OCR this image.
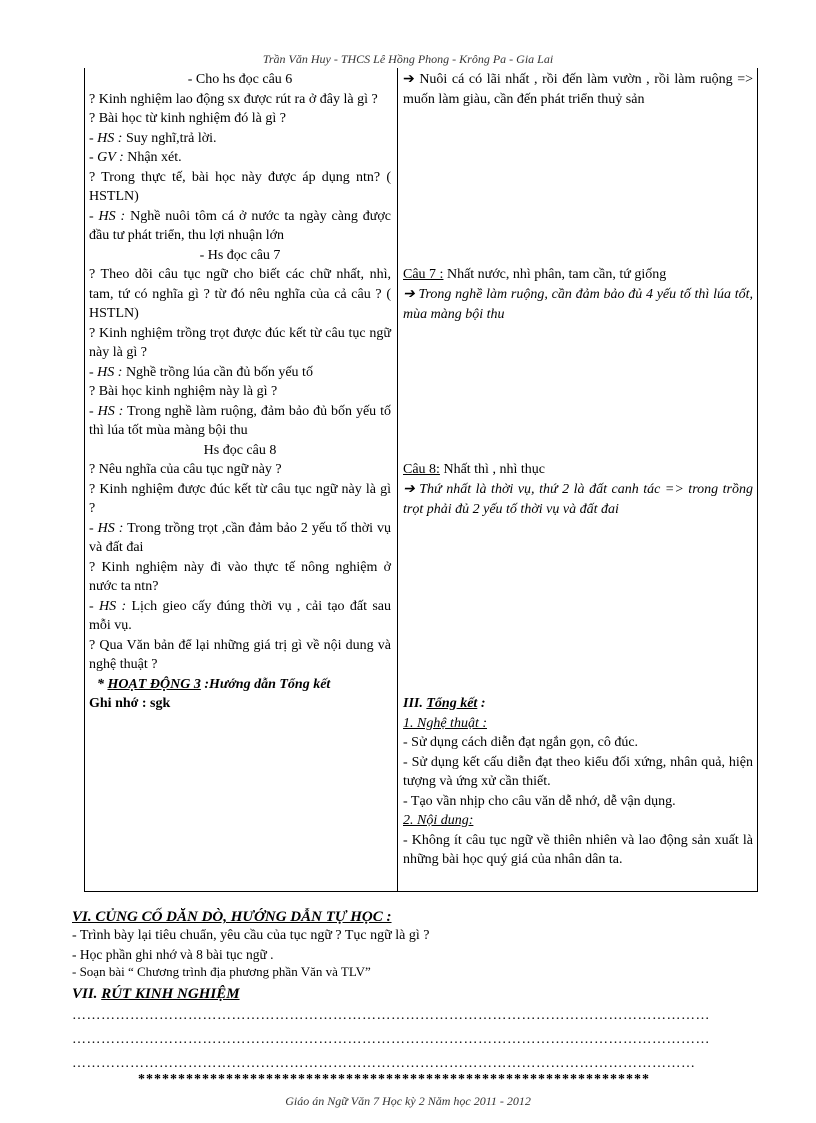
Trần Văn Huy - THCS Lê Hồng Phong - Krông Pa - Gia Lai

- Cho hs đọc câu 6

? Kinh nghiệm lao động sx được rút ra ở đây là gì ?

? Bài học từ kinh nghiệm đó là gì ?

- HS : Suy nghĩ,trả lời.

- GV : Nhận xét.

? Trong thực tế, bài học này được áp dụng ntn? ( HSTLN)

- HS : Nghề nuôi tôm cá ở nước ta ngày càng được đầu tư phát triển, thu lợi nhuận lớn

- Hs đọc câu 7

? Theo dõi câu tục ngữ cho biết các chữ nhất, nhì, tam, tứ có nghĩa gì ? từ đó nêu nghĩa của cả câu ? ( HSTLN)

? Kinh nghiệm trồng trọt được đúc kết từ câu tục ngữ này là gì ?

- HS : Nghề trồng lúa cần đủ bốn yếu tố

? Bài học kinh nghiệm này là gì ?

- HS : Trong nghề làm ruộng, đảm bảo đủ bốn yếu tố thì lúa tốt mùa màng bội thu

Hs đọc câu 8

? Nêu nghĩa của câu tục ngữ này ?

? Kinh nghiệm được đúc kết từ câu tục ngữ này là gì ?

- HS : Trong trồng trọt ,cần đảm bảo 2 yếu tố thời vụ và đất đai

? Kinh nghiệm này đi vào thực tế nông nghiệm ở nước ta ntn?

- HS : Lịch gieo cấy đúng thời vụ , cải tạo đất sau mỗi vụ.

? Qua Văn bản để lại những giá trị gì về nội dung và nghệ thuật ?

* HOẠT ĐỘNG 3 :Hướng dẫn Tổng kết

Ghi nhớ : sgk

➔ Nuôi cá có lãi nhất , rồi đến làm vườn , rồi làm ruộng => muốn làm giàu, cần đến phát triển thuỷ sản

Câu 7 : Nhất nước, nhì phân, tam cần, tứ giống

➔ Trong nghề làm ruộng, cần đảm bảo đủ 4 yếu tố thì lúa tốt, mùa màng bội thu

Câu 8: Nhất thì , nhì thục

➔ Thứ nhất là thời vụ, thứ 2 là đất canh tác => trong trồng trọt phải đủ 2 yếu tố thời vụ và đất đai

III. Tổng kết :

1. Nghệ thuật :

- Sử dụng cách diễn đạt ngắn gọn, cô đúc.

- Sử dụng kết cấu diễn đạt theo kiểu đối xứng, nhân quả, hiện tượng và ứng xử cần thiết.

- Tạo vần nhịp cho câu văn dễ nhớ, dễ vận dụng.

2. Nội dung:

- Không ít câu tục ngữ về thiên nhiên và lao động sản xuất là những bài học quý giá của nhân dân ta.

VI. CỦNG CỐ DĂN DÒ, HƯỚNG DẪN TỰ HỌC :

- Trình bày lại tiêu chuẩn, yêu cầu của tục ngữ ? Tục ngữ là gì ?

- Học phần ghi nhớ và 8 bài tục ngữ .

- Soạn bài “ Chương trình địa phương phần Văn và TLV”

VII. RÚT KINH NGHIỆM

……………………………………………………………………………………………………………………

……………………………………………………………………………………………………………………

…………………………………………………………………………………………………………………

****************************************************************

Giáo án Ngữ Văn 7 Học kỳ 2 Năm học 2011 - 2012
